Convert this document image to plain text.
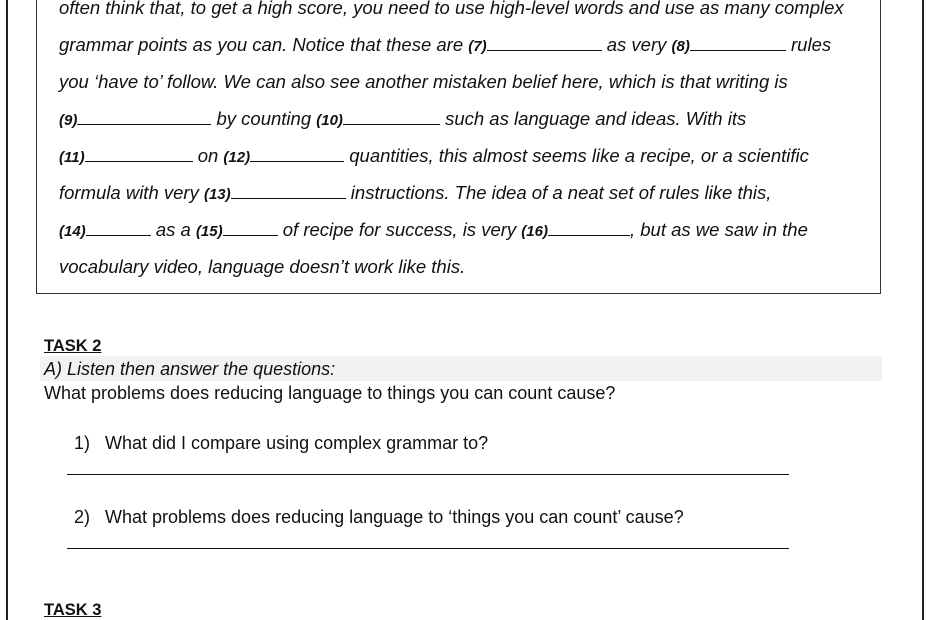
often think that, to get a high score, you need to use high-level words and use as many complex
grammar points as you can. Notice that these are (7)	as very (8)	rules
you ‘have to’ follow. We can also see another mistaken belief here, which is that writing is
(9)	by counting (10)	such as language and ideas. With its
(11)	on (12)	quantities, this almost seems like a recipe, or a scientific
formula with very (13)	instructions. The idea of a neat set of rules like this,
(14)	as a (15)	of recipe for success, is very (16)	, but as we saw in the
vocabulary video, language doesn’t work like this.
TASK 2
A) Listen then answer the questions:
What problems does reducing language to things you can count cause?
1) What did I compare using complex grammar to?
2) What problems does reducing language to ‘things you can count’ cause?
TASK 3
